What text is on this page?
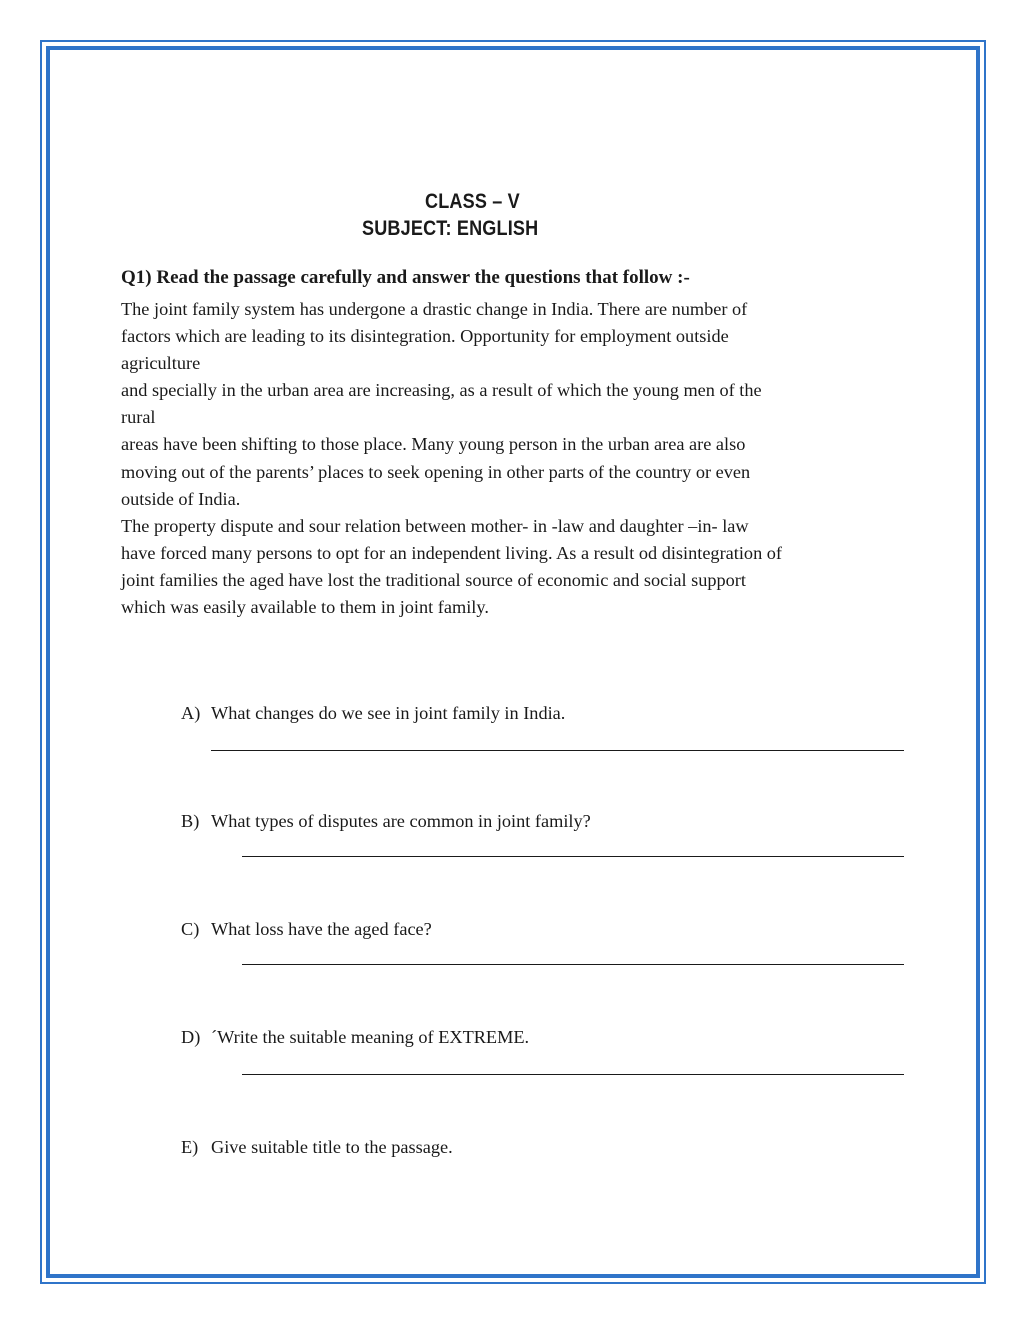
CLASS – V
SUBJECT: ENGLISH
Q1) Read the passage carefully and answer the questions that follow :-
The joint family system has undergone a drastic change in India. There are number of
factors which are leading to its disintegration. Opportunity for employment outside
agriculture
and specially in the urban area are increasing, as a result of which the young men of the
rural
areas have been shifting to those place. Many young person in the urban area are also
moving out of the parents’ places to seek opening in other parts of the country or even
outside of India.
The property dispute and sour relation between mother- in -law and daughter –in- law
have forced many persons to opt for an independent living. As a result od disintegration of
joint families the aged have lost the traditional source of economic and social support
which was easily available to them in joint family.
A) What changes do we see in joint family in India.
B) What types of disputes are common in joint family?
C) What loss have the aged face?
D) ´Write the suitable meaning of EXTREME.
E) Give suitable title to the passage.
